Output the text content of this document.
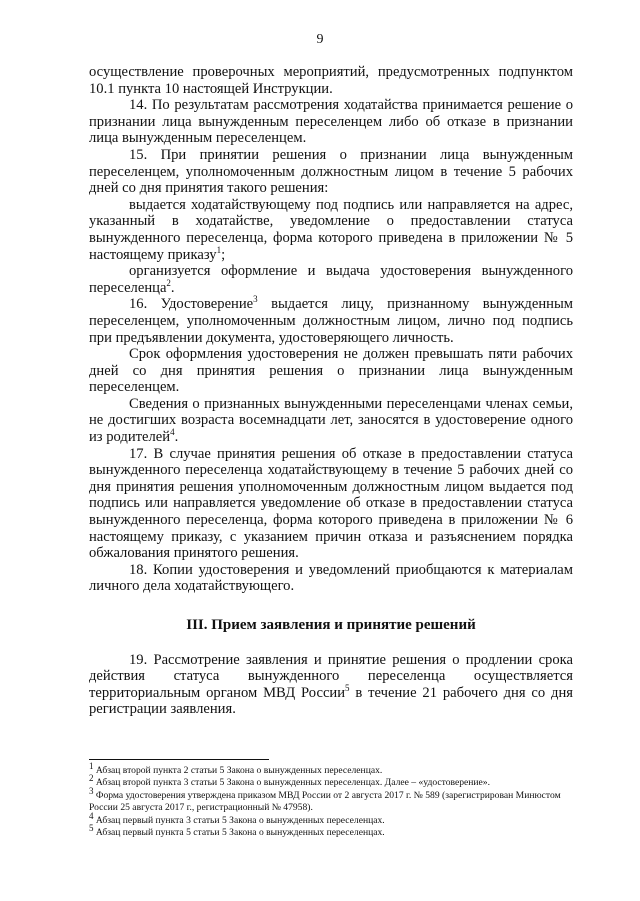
9

осуществление проверочных мероприятий, предусмотренных подпунктом 10.1 пункта 10 настоящей Инструкции.

14. По результатам рассмотрения ходатайства принимается решение о признании лица вынужденным переселенцем либо об отказе в признании лица вынужденным переселенцем.

15. При принятии решения о признании лица вынужденным переселенцем, уполномоченным должностным лицом в течение 5 рабочих дней со дня принятия такого решения:

выдается ходатайствующему под подпись или направляется на адрес, указанный в ходатайстве, уведомление о предоставлении статуса вынужденного переселенца, форма которого приведена в приложении № 5 настоящему приказу$^1$;

организуется оформление и выдача удостоверения вынужденного переселенца$^2$.

16. Удостоверение$^3$ выдается лицу, признанному вынужденным переселенцем, уполномоченным должностным лицом, лично под подпись при предъявлении документа, удостоверяющего личность.

Срок оформления удостоверения не должен превышать пяти рабочих дней со дня принятия решения о признании лица вынужденным переселенцем.

Сведения о признанных вынужденными переселенцами членах семьи, не достигших возраста восемнадцати лет, заносятся в удостоверение одного из родителей$^4$.

17. В случае принятия решения об отказе в предоставлении статуса вынужденного переселенца ходатайствующему в течение 5 рабочих дней со дня принятия решения уполномоченным должностным лицом выдается под подпись или направляется уведомление об отказе в предоставлении статуса вынужденного переселенца, форма которого приведена в приложении № 6 настоящему приказу, с указанием причин отказа и разъяснением порядка обжалования принятого решения.

18. Копии удостоверения и уведомлений приобщаются к материалам личного дела ходатайствующего.

III. Прием заявления и принятие решений

19. Рассмотрение заявления и принятие решения о продлении срока действия статуса вынужденного переселенца осуществляется территориальным органом МВД России$^5$ в течение 21 рабочего дня со дня регистрации заявления.

$^1$ Абзац второй пункта 2 статьи 5 Закона о вынужденных переселенцах.

$^2$ Абзац второй пункта 3 статьи 5 Закона о вынужденных переселенцах. Далее – «удостоверение».

$^3$ Форма удостоверения утверждена приказом МВД России от 2 августа 2017 г. № 589 (зарегистрирован Минюстом России 25 августа 2017 г., регистрационный № 47958).

$^4$ Абзац первый пункта 3 статьи 5 Закона о вынужденных переселенцах.

$^5$ Абзац первый пункта 5 статьи 5 Закона о вынужденных переселенцах.
